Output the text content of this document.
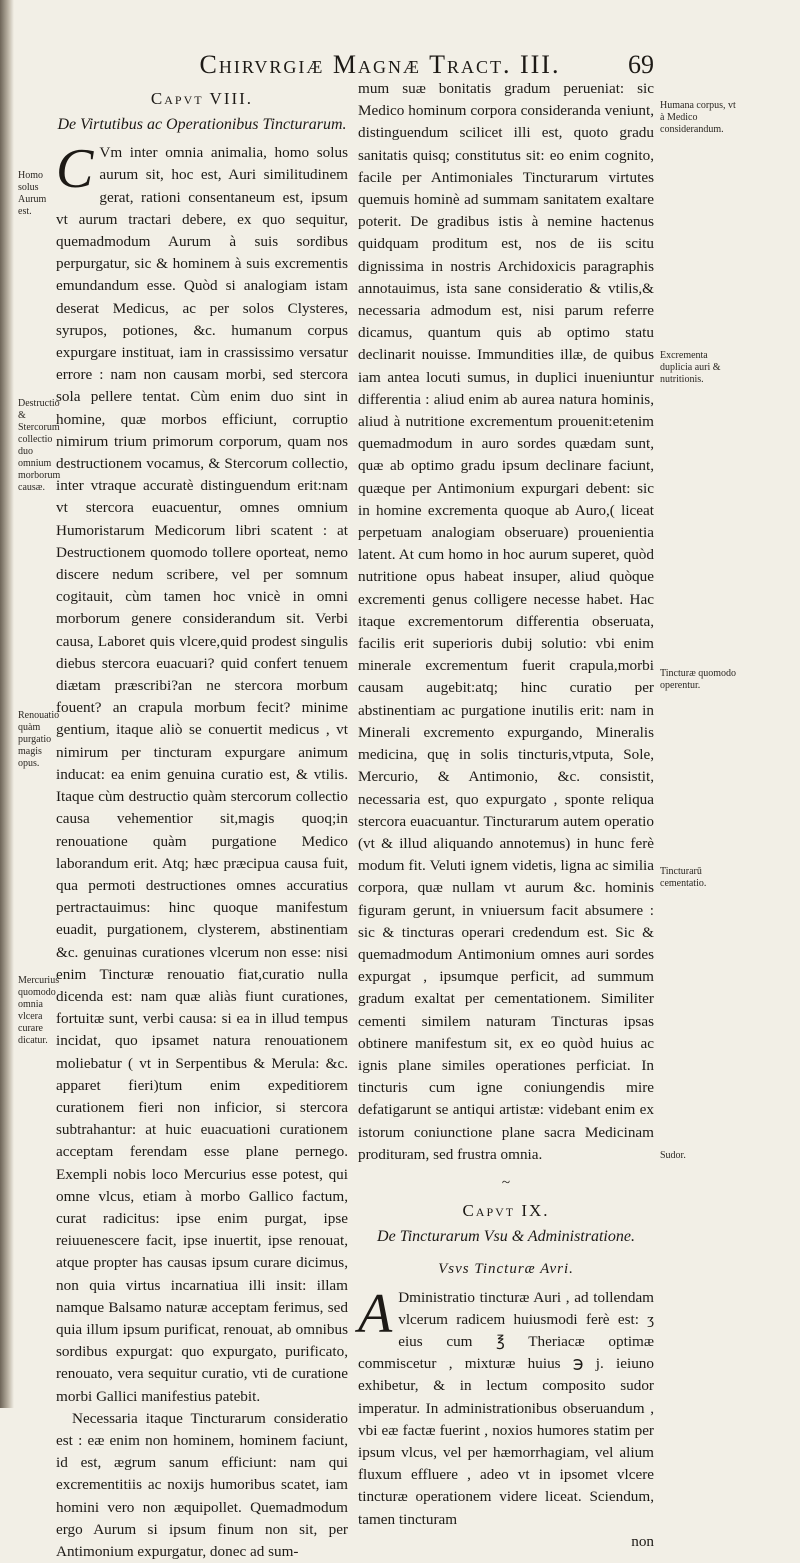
Chirvrgiæ Magnæ Tract. III.	69
Homo solus Aurum est.
Destructio & Stercorum collectio duo omnium morborum causæ.
Renouatio quàm purgatio magis opus.
Mercurius quomodo omnia vlcera curare dicatur.
Humana corpus, vt à Medico considerandum.
Excrementa duplicia auri & nutritionis.
Tincturæ quomodo operentur.
Tincturarū cementatio.
Sudor.
Capvt VIII.
De Virtutibus ac Operationibus Tincturarum.

C Vm inter omnia animalia, homo solus aurum sit, hoc est, Auri similitudinem gerat, rationi consentaneum est, ipsum vt aurum tractari debere, ex quo sequitur, quemadmodum Aurum à suis sordibus perpurgatur, sic & hominem à suis excrementis emundandum esse. Quòd si analogiam istam deserat Medicus, ac per solos Clysteres, syrupos, potiones, &c. humanum corpus expurgare instituat, iam in crassissimo versatur errore : nam non causam morbi, sed stercora sola pellere tentat. Cùm enim duo sint in homine, quæ morbos efficiunt, corruptio nimirum trium primorum corporum, quam nos destructionem vocamus, & Stercorum collectio, inter vtraque accuratè distinguendum erit:nam vt stercora euacuentur, omnes omnium Humoristarum Medicorum libri scatent : at Destructionem quomodo tollere oporteat, nemo discere nedum scribere, vel per somnum cogitauit, cùm tamen hoc vnicè in omni morborum genere considerandum sit. Verbi causa, Laboret quis vlcere,quid prodest singulis diebus stercora euacuari? quid confert tenuem diætam præscribi?an ne stercora morbum fouent? an crapula morbum fecit? minime gentium, itaque aliò se conuertit medicus , vt nimirum per tincturam expurgare animum inducat: ea enim genuina curatio est, & vtilis. Itaque cùm destructio quàm stercorum collectio causa vehementior sit,magis quoq;in renouatione quàm purgatione Medico laborandum erit. Atq; hæc præcipua causa fuit, qua permoti destructiones omnes accuratius pertractauimus: hinc quoque manifestum euadit, purgationem, clysterem, abstinentiam &c. genuinas curationes vlcerum non esse: nisi enim Tincturæ renouatio fiat,curatio nulla dicenda est: nam quæ aliàs fiunt curationes, fortuitæ sunt, verbi causa: si ea in illud tempus incidat, quo ipsamet natura renouationem moliebatur ( vt in Serpentibus & Merula: &c. apparet fieri)tum enim expeditiorem curationem fieri non inficior, si stercora subtrahantur: at huic euacuationi curationem acceptam ferendam esse plane pernego. Exempli nobis loco Mercurius esse potest, qui omne vlcus, etiam à morbo Gallico factum, curat radicitus: ipse enim purgat, ipse reiuuenescere facit, ipse inuertit, ipse renouat, atque propter has causas ipsum curare dicimus, non quia virtus incarnatiua illi insit: illam namque Balsamo naturæ acceptam ferimus, sed quia illum ipsum purificat, renouat, ab omnibus sordibus expurgat: quo expurgato, purificato, renouato, vera sequitur curatio, vti de curatione morbi Gallici manifestius patebit.

Necessaria itaque Tincturarum consideratio est : eæ enim non hominem, hominem faciunt, id est, ægrum sanum efficiunt: nam qui excrementitiis ac noxijs humoribus scatet, iam homini vero non æquipollet. Quemadmodum ergo Aurum si ipsum finum non sit, per Antimonium expurgatur, donec ad sum-

mum suæ bonitatis gradum perueniat: sic Medico hominum corpora consideranda veniunt, distinguendum scilicet illi est, quoto gradu sanitatis quisq; constitutus sit: eo enim cognito, facile per Antimoniales Tincturarum virtutes quemuis hominè ad summam sanitatem exaltare poterit. De gradibus istis à nemine hactenus quidquam proditum est, nos de iis scitu dignissima in nostris Archidoxicis paragraphis annotauimus, ista sane consideratio & vtilis,& necessaria admodum est, nisi parum referre dicamus, quantum quis ab optimo statu declinarit nouisse. Immunditiеs illæ, de quibus iam antea locuti sumus, in duplici inueniuntur differentia : aliud enim ab aurea natura hominis, aliud à nutritione excrementum prouenit:etenim quemadmodum in auro sordes quædam sunt, quæ ab optimo gradu ipsum declinare faciunt, quæque per Antimonium expurgari debent: sic in homine excrementa quoque ab Auro,( liceat perpetuam analogiam obseruare) prouenientia latent. At cum homo in hoc aurum superet, quòd nutritione opus habeat insuper, aliud quòque excrementi genus colligere necesse habet. Hac itaque excrementorum differentia obseruata, facilis erit superioris dubij solutio: vbi enim minerale excrementum fuerit crapula,morbi causam augebit:atq; hinc curatio per abstinentiam ac purgatione inutilis erit: nam in Minerali excremento expurgando, Mineralis medicina, quę in solis tincturis,vtputa, Sole, Mercurio, & Antimonio, &c. consistit, necessaria est, quo expurgato , sponte reliqua stercora euacuantur. Tincturarum autem operatio (vt & illud aliquando annotemus) in hunc ferè modum fit. Veluti ignem videtis, ligna ac similia corpora, quæ nullam vt aurum &c. hominis figuram gerunt, in vniuersum facit absumere : sic & tincturas operari credendum est. Sic & quemadmodum Antimonium omnes auri sordes expurgat , ipsumque perficit, ad summum gradum exaltat per cementationem. Similiter cementi similem naturam Tincturas ipsas obtinere manifestum sit, ex eo quòd huius ac ignis plane similes operationes perficiat. In tincturis cum igne coniungendis mire defatigarunt se antiqui artistæ: videbant enim ex istorum coniunctione plane sacra Medicinam prodituram, sed frustra omnia.

~
Capvt IX.
De Tincturarum Vsu & Administratione.
Vsvs Tincturæ Avri.

A Dministratio tincturæ Auri , ad tollendam vlcerum radicem huiusmodi ferè est: ʒ eius cum ℥ Theriacæ optimæ commiscetur , mixturæ huius ℈ j. ieiuno exhibetur, & in lectum composito sudor imperatur. In administrationibus obseruandum , vbi eæ factæ fuerint , noxios humores statim per ipsum vlcus, vel per hæmorrhagiam, vel alium fluxum effluere , adeo vt in ipsomet vlcere tincturæ operationem videre liceat. Sciendum, tamen tincturam

non
